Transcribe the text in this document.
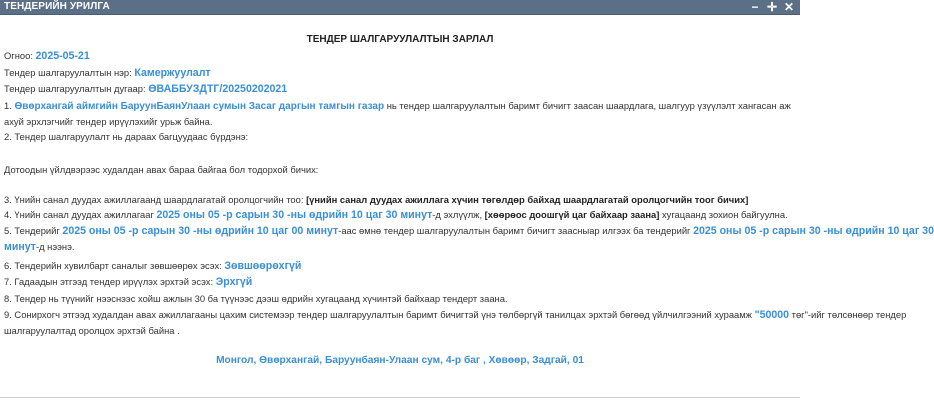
ТЕНДЕРИЙН УРИЛГА	− ✛ ✕
ТЕНДЕР ШАЛГАРУУЛАЛТЫН ЗАРЛАЛ
Огноо: 2025-05-21
Тендер шалгаруулалтын нэр: Камержуулалт
Тендер шалгаруулалтын дугаар: ӨВАББУЗДТГ/20250202021
1. Өвөрхангай аймгийн БаруунБаянУлаан сумын Засаг даргын тамгын газар нь тендер шалгаруулалтын баримт бичигт заасан шаардлага, шалгуур үзүүлэлт хангасан аж ахуй эрхлэгчийг тендер ирүүлэхийг урьж байна.
2. Тендер шалгаруулалт нь дараах багцуудаас бүрдэнэ:
Дотоодын үйлдвэрээс худалдан авах бараа байгаа бол тодорхой бичих:
3. Үнийн санал дуудах ажиллагаанд шаардлагатай оролцогчийн тоо: [үнийн санал дуудах ажиллага хүчин төгөлдөр байхад шаардлагатай оролцогчийн тоог бичих]
4. Үнийн санал дуудах ажиллагааг 2025 оны 05 -р сарын 30 -ны өдрийн 10 цаг 30 минут-д эхлүүлж, [хөөрөос доошгүй цаг байхаар заана] хугацаанд зохион байгуулна.
5. Тендерийг 2025 оны 05 -р сарын 30 -ны өдрийн 10 цаг 00 минут-аас өмнө тендер шалгаруулалтын баримт бичигт заасныар илгээх ба тендерийг 2025 оны 05 -р сарын 30 -ны өдрийн 10 цаг 30
минут-д нээнэ.
6. Тендерийн хувилбарт саналыг зөвшөөрөх эсэх: Зөвшөөрөхгүй
7. Гадаадын этгээд тендер ирүүлэх эрхтэй эсэх: Эрхгүй
8. Тендер нь түүнийг нээснээс хойш ажлын 30 ба түүнээс дээш өдрийн хугацаанд хүчинтэй байхаар тендерт заана.
9. Сонирхогч этгээд худалдан авах ажиллагааны цахим системээр тендер шалгаруулалтын баримт бичигтэй үнэ төлбөргүй танилцах эрхтэй бөгөөд үйлчилгээний хураамж "50000 төг"-ийг төлсөнөөр тендер
шалгаруулалтад оролцох эрхтэй байна .
Монгол, Өвөрхангай, Баруунбаян-Улаан сум, 4-р баг , Хөвөөр, Задгай, 01
